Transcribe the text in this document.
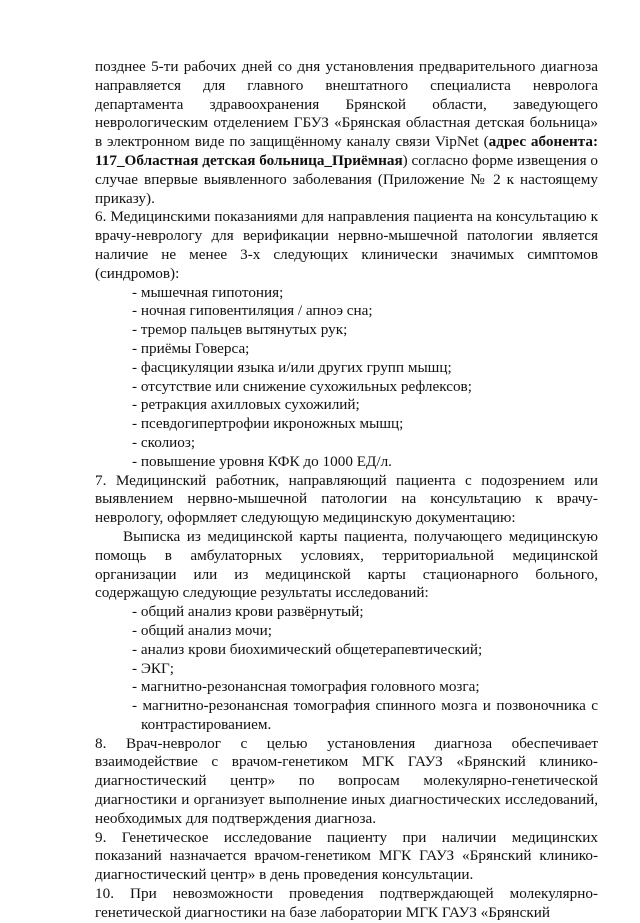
позднее 5-ти рабочих дней со дня установления предварительного диагноза направляется для главного внештатного специалиста невролога департамента здравоохранения Брянской области, заведующего неврологическим отделением ГБУЗ «Брянская областная детская больница» в электронном виде по защищённому каналу связи VipNet (адрес абонента: 117_Областная детская больница_Приёмная) согласно форме извещения о случае впервые выявленного заболевания (Приложение № 2 к настоящему приказу).

6. Медицинскими показаниями для направления пациента на консультацию к врачу-неврологу для верификации нервно-мышечной патологии является наличие не менее 3-х следующих клинически значимых симптомов (синдромов):

- мышечная гипотония;
- ночная гиповентиляция / апноэ сна;
- тремор пальцев вытянутых рук;
- приёмы Говерса;
- фасцикуляции языка и/или других групп мышц;
- отсутствие или снижение сухожильных рефлексов;
- ретракция ахилловых сухожилий;
- псевдогипертрофии икроножных мышц;
- сколиоз;
- повышение уровня КФК до 1000 ЕД/л.

7. Медицинский работник, направляющий пациента с подозрением или выявлением нервно-мышечной патологии на консультацию к врачу-неврологу, оформляет следующую медицинскую документацию:

Выписка из медицинской карты пациента, получающего медицинскую помощь в амбулаторных условиях, территориальной медицинской организации или из медицинской карты стационарного больного, содержащую следующие результаты исследований:

- общий анализ крови развёрнутый;
- общий анализ мочи;
- анализ крови биохимический общетерапевтический;
- ЭКГ;
- магнитно-резонансная томография головного мозга;
- магнитно-резонансная томография спинного мозга и позвоночника с контрастированием.

8. Врач-невролог с целью установления диагноза обеспечивает взаимодействие с врачом-генетиком МГК ГАУЗ «Брянский клинико-диагностический центр» по вопросам молекулярно-генетической диагностики и организует выполнение иных диагностических исследований, необходимых для подтверждения диагноза.

9. Генетическое исследование пациенту при наличии медицинских показаний назначается врачом-генетиком МГК ГАУЗ «Брянский клинико-диагностический центр» в день проведения консультации.

10. При невозможности проведения подтверждающей молекулярно-генетической диагностики на базе лаборатории МГК ГАУЗ «Брянский
